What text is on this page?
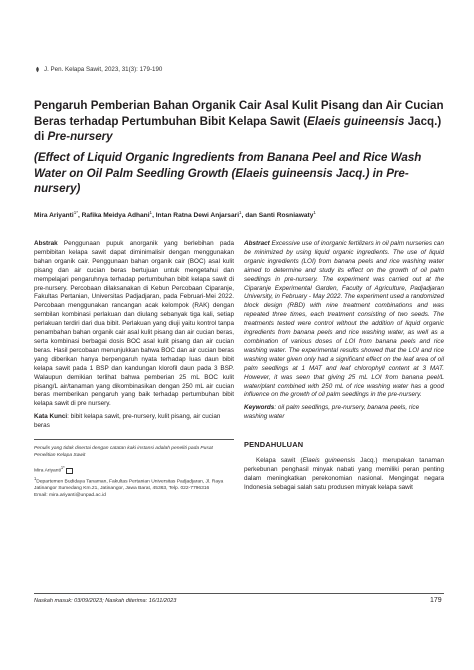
J. Pen. Kelapa Sawit, 2023, 31(3): 179-190
Pengaruh Pemberian Bahan Organik Cair Asal Kulit Pisang dan Air Cucian Beras terhadap Pertumbuhan Bibit Kelapa Sawit (Elaeis guineensis Jacq.) di Pre-nursery
(Effect of Liquid Organic Ingredients from Banana Peel and Rice Wash Water on Oil Palm Seedling Growth (Elaeis guineensis Jacq.) in Pre-nursery)
Mira Ariyanti$^{1*}$, Rafika Meidya Adhani$^1$, Intan Ratna Dewi Anjarsari$^1$, dan Santi Rosniawaty$^1$

Abstrak Penggunaan pupuk anorganik yang berlebihan pada pembibitan kelapa sawit dapat diminimalisir dengan menggunakan bahan organik cair. Penggunaan bahan organik cair (BOC) asal kulit pisang dan air cucian beras bertujuan untuk mengetahui dan mempelajari pengaruhnya terhadap pertumbuhan bibit kelapa sawit di pre-nursery. Percobaan dilaksanakan di Kebun Percobaan Ciparanje, Fakultas Pertanian, Universitas Padjadjaran, pada Februari-Mei 2022. Percobaan menggunakan rancangan acak kelompok (RAK) dengan sembilan kombinasi perlakuan dan diulang sebanyak tiga kali, setiap perlakuan terdiri dari dua bibit. Perlakuan yang diuji yaitu kontrol tanpa penambahan bahan organik cair asal kulit pisang dan air cucian beras, serta kombinasi berbagai dosis BOC asal kulit pisang dan air cucian beras. Hasil percobaan menunjukkan bahwa BOC dan air cucian beras yang diberikan hanya berpengaruh nyata terhadap luas daun bibit kelapa sawit pada 1 BSP dan kandungan klorofil daun pada 3 BSP. Walaupun demikian terlihat bahwa pemberian 25 mL BOC kulit pisang/L air/tanaman yang dikombinasikan dengan 250 mL air cucian beras memberikan pengaruh yang baik terhadap pertumbuhan bibit kelapa sawit di pre nursery.

Kata Kunci: bibit kelapa sawit, pre-nursery, kulit pisang, air cucian beras

Penulis yang tidak disertai dengan catatan kaki instansi adalah peneliti pada Pusat Penelitian Kelapa Sawit

Mira Ariyanti$^{1*}$

$^1$Departemen Budidaya Tanaman, Fakultas Pertanian Universitas Padjadjaran, Jl. Raya Jatinangor Sumedang Km.21, Jatinangor, Jawa Barat, 45363, Telp. 022-7796316

Email: mira.ariyanti@unpad.ac.id

Abstract Excessive use of inorganic fertilizers in oil palm nurseries can be minimized by using liquid organic ingredients. The use of liquid organic ingredients (LOI) from banana peels and rice washing water aimed to determine and study its effect on the growth of oil palm seedlings in pre-nursery. The experiment was carried out at the Ciparanje Experimental Garden, Faculty of Agriculture, Padjadjaran University, in February - May 2022. The experiment used a randomized block design (RBD) with nine treatment combinations and was repeated three times, each treatment consisting of two seeds. The treatments tested were control without the addition of liquid organic ingredients from banana peels and rice washing water, as well as a combination of various doses of LOI from banana peels and rice washing water. The experimental results showed that the LOI and rice washing water given only had a significant effect on the leaf area of oil palm seedlings at 1 MAT and leaf chlorophyll content at 3 MAT. However, it was seen that giving 25 mL LOI from banana peel/L water/plant combined with 250 mL of rice washing water has a good influence on the growth of oil palm seedlings in the pre-nursery.

Keywords: oil palm seedlings, pre-nursery, banana peels, rice washing water

PENDAHULUAN

Kelapa sawit (Elaeis guineensis Jacq.) merupakan tanaman perkebunan penghasil minyak nabati yang memiliki peran penting dalam meningkatkan perekonomian nasional. Mengingat negara Indonesia sebagai salah satu produsen minyak kelapa sawit

Naskah masuk: 03/09/2023; Naskah diterima: 16/11/2023	179
